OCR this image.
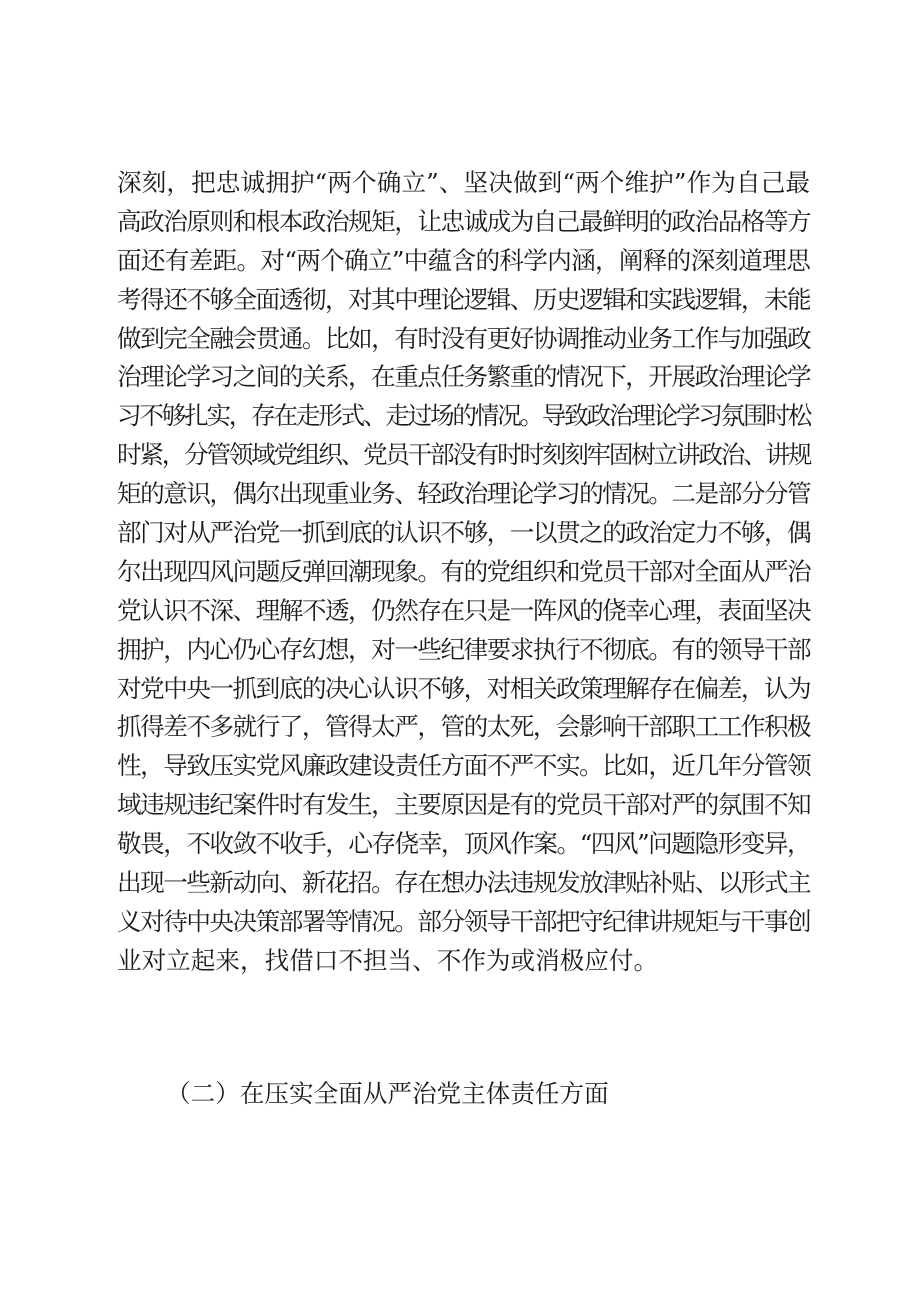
深刻，把忠诚拥护“两个确立”、坚决做到“两个维护”作为自己最
高政治原则和根本政治规矩，让忠诚成为自己最鲜明的政治品格等方
面还有差距。对“两个确立”中蕴含的科学内涵，阐释的深刻道理思
考得还不够全面透彻，对其中理论逻辑、历史逻辑和实践逻辑，未能
做到完全融会贯通。比如，有时没有更好协调推动业务工作与加强政
治理论学习之间的关系，在重点任务繁重的情况下，开展政治理论学
习不够扎实，存在走形式、走过场的情况。导致政治理论学习氛围时松
时紧，分管领域党组织、党员干部没有时时刻刻牢固树立讲政治、讲规
矩的意识，偶尔出现重业务、轻政治理论学习的情况。二是部分分管
部门对从严治党一抓到底的认识不够，一以贯之的政治定力不够，偶
尔出现四风问题反弹回潮现象。有的党组织和党员干部对全面从严治
党认识不深、理解不透，仍然存在只是一阵风的侥幸心理，表面坚决
拥护，内心仍心存幻想，对一些纪律要求执行不彻底。有的领导干部
对党中央一抓到底的决心认识不够，对相关政策理解存在偏差，认为
抓得差不多就行了，管得太严，管的太死，会影响干部职工工作积极
性，导致压实党风廉政建设责任方面不严不实。比如，近几年分管领
域违规违纪案件时有发生，主要原因是有的党员干部对严的氛围不知
敬畏，不收敛不收手，心存侥幸，顶风作案。“四风”问题隐形变异，
出现一些新动向、新花招。存在想办法违规发放津贴补贴、以形式主
义对待中央决策部署等情况。部分领导干部把守纪律讲规矩与干事创
业对立起来，找借口不担当、不作为或消极应付。
（二）在压实全面从严治党主体责任方面
